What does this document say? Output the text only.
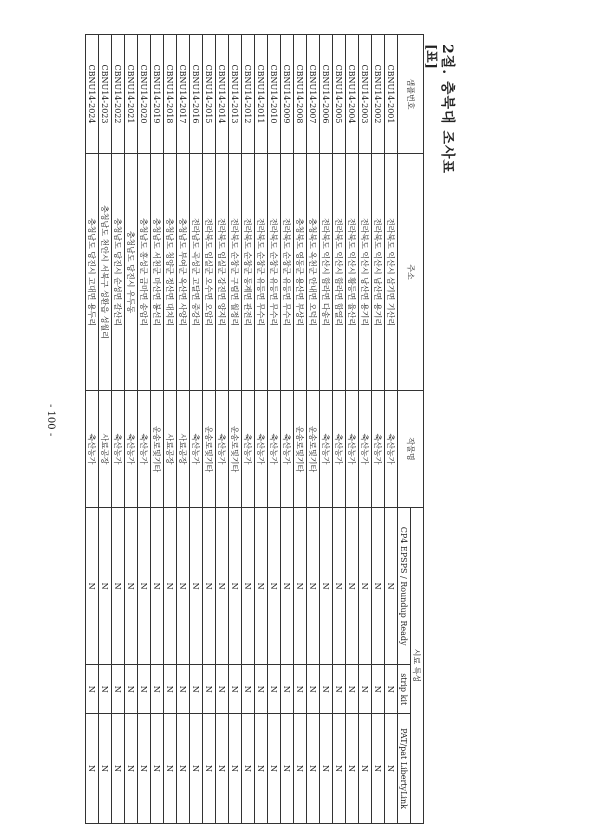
2절. 충북대 조사표
[표]
샘플번호	주소	작물명	시료 특성		
			CP4 EPSPS / Roundup Ready	strip kit	PAT/pat LibertyLink
CBNU14-2001	전라북도 익산시 삼기면 기산리	축산농가	N	N	N
CBNU14-2002	전라북도 익산시 남산면 용기리	축산농가	N	N	N
CBNU14-2003	전라북도 익산시 낭산면 용기리	축산농가	N	N	N
CBNU14-2004	전라북도 익산시 황등면 율산리	축산농가	N	N	N
CBNU14-2005	전라북도 익산시 함라면 함열리	축산농가	N	N	N
CBNU14-2006	전라북도 익산시 함라면 다송리	축산농가	N	N	N
CBNU14-2007	충청북도 옥천군 안내면 오덕리	운송로및기타	N	N	N
CBNU14-2008	충청북도 영동군 용산면 부상리	운송로및기타	N	N	N
CBNU14-2009	전라북도 순창군 유등면 무수리	축산농가	N	N	N
CBNU14-2010	전라북도 순창군 유등면 무수리	축산농가	N	N	N
CBNU14-2011	전라북도 순창군 유등면 무수리	축산농가	N	N	N
CBNU14-2012	전라북도 순창군 동계면 관전리	축산농가	N	N	N
CBNU14-2013	전라북도 순창군 구림면 월정리	운송로및기타	N	N	N
CBNU14-2014	전라북도 임실군 강진면 양지리	축산농가	N	N	N
CBNU14-2015	전라북도 임실군 오수면 오암리	운송로및기타	N	N	N
CBNU14-2016	전라남도 곡성군 고달면 중강리	축산농가	N	N	N
CBNU14-2017	충청남도 부여군 옥산면 사양리	사료공장	N	N	N
CBNU14-2018	충청남도 청양군 정산면 대치리	사료공장	N	N	N
CBNU14-2019	충청남도 서천군 마산면 봉선리	운송로및기타	N	N	N
CBNU14-2020	충청남도 홍성군 금마면 송암리	축산농가	N	N	N
CBNU14-2021	충청남도 당진시 우두동	축산농가	N	N	N
CBNU14-2022	충청남도 당진시 순성면 갈산리	축산농가	N	N	N
CBNU14-2023	충청남도 천안시 서북구 성환읍 성월리	사료공장	N	N	N
CBNU14-2024	충청남도 당진시 고대면 용두리	축산농가	N	N	N
- 100 -
